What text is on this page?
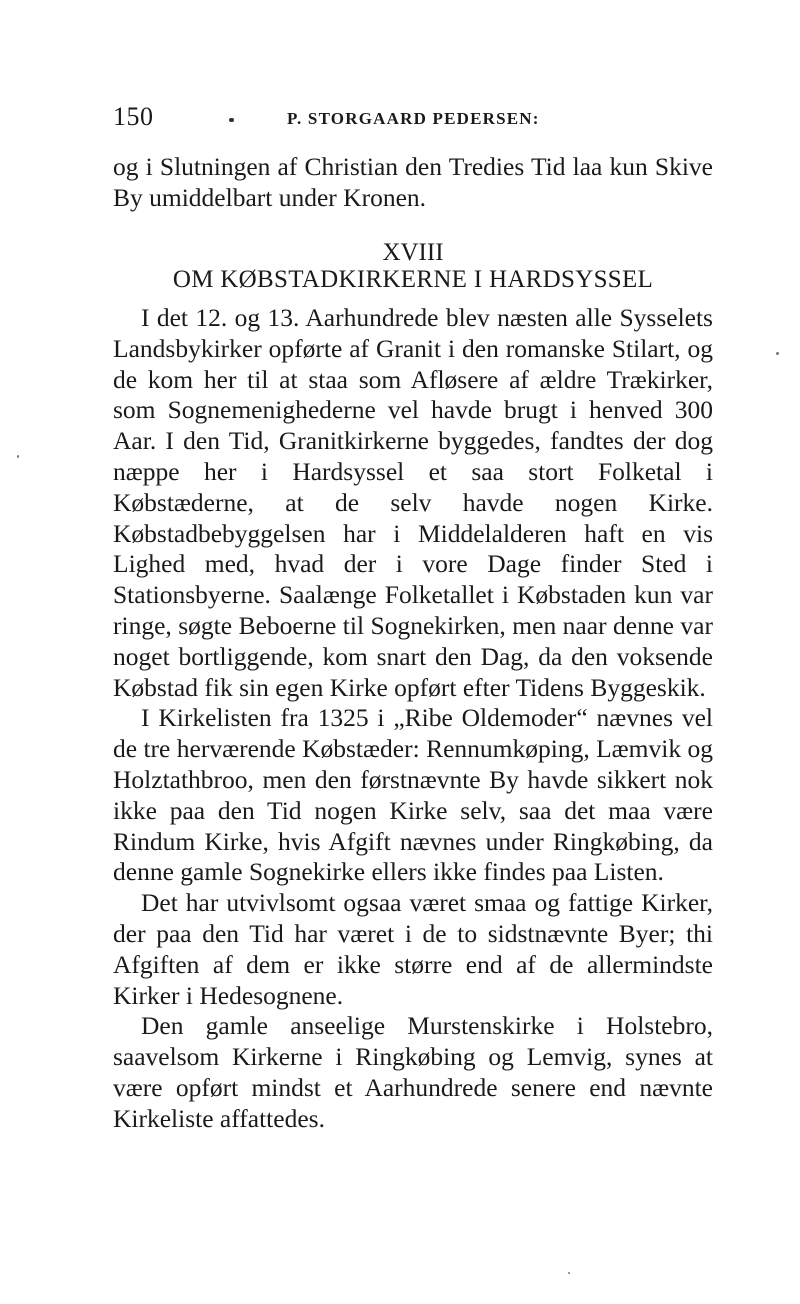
150	P. STORGAARD PEDERSEN:

og i Slutningen af Christian den Tredies Tid laa kun Skive By umiddelbart under Kronen.

XVIII
OM KØBSTADKIRKERNE I HARDSYSSEL

I det 12. og 13. Aarhundrede blev næsten alle Sysselets Landsbykirker opførte af Granit i den romanske Stilart, og de kom her til at staa som Afløsere af ældre Trækirker, som Sognemenighederne vel havde brugt i henved 300 Aar. I den Tid, Granitkirkerne byggedes, fandtes der dog næppe her i Hardsyssel et saa stort Folketal i Købstæderne, at de selv havde nogen Kirke. Købstadbebyggelsen har i Middelalderen haft en vis Lighed med, hvad der i vore Dage finder Sted i Stationsbyerne. Saalænge Folketallet i Købstaden kun var ringe, søgte Beboerne til Sognekirken, men naar denne var noget bortliggende, kom snart den Dag, da den voksende Købstad fik sin egen Kirke opført efter Tidens Byggeskik.

I Kirkelisten fra 1325 i „Ribe Oldemoder“ nævnes vel de tre herværende Købstæder: Rennumkøping, Læmvik og Holztathbroo, men den førstnævnte By havde sikkert nok ikke paa den Tid nogen Kirke selv, saa det maa være Rindum Kirke, hvis Afgift nævnes under Ringkøbing, da denne gamle Sognekirke ellers ikke findes paa Listen.

Det har utvivlsomt ogsaa været smaa og fattige Kirker, der paa den Tid har været i de to sidstnævnte Byer; thi Afgiften af dem er ikke større end af de allermindste Kirker i Hedesognene.

Den gamle anseelige Murstenskirke i Holstebro, saavelsom Kirkerne i Ringkøbing og Lemvig, synes at være opført mindst et Aarhundrede senere end nævnte Kirkeliste affattedes.
